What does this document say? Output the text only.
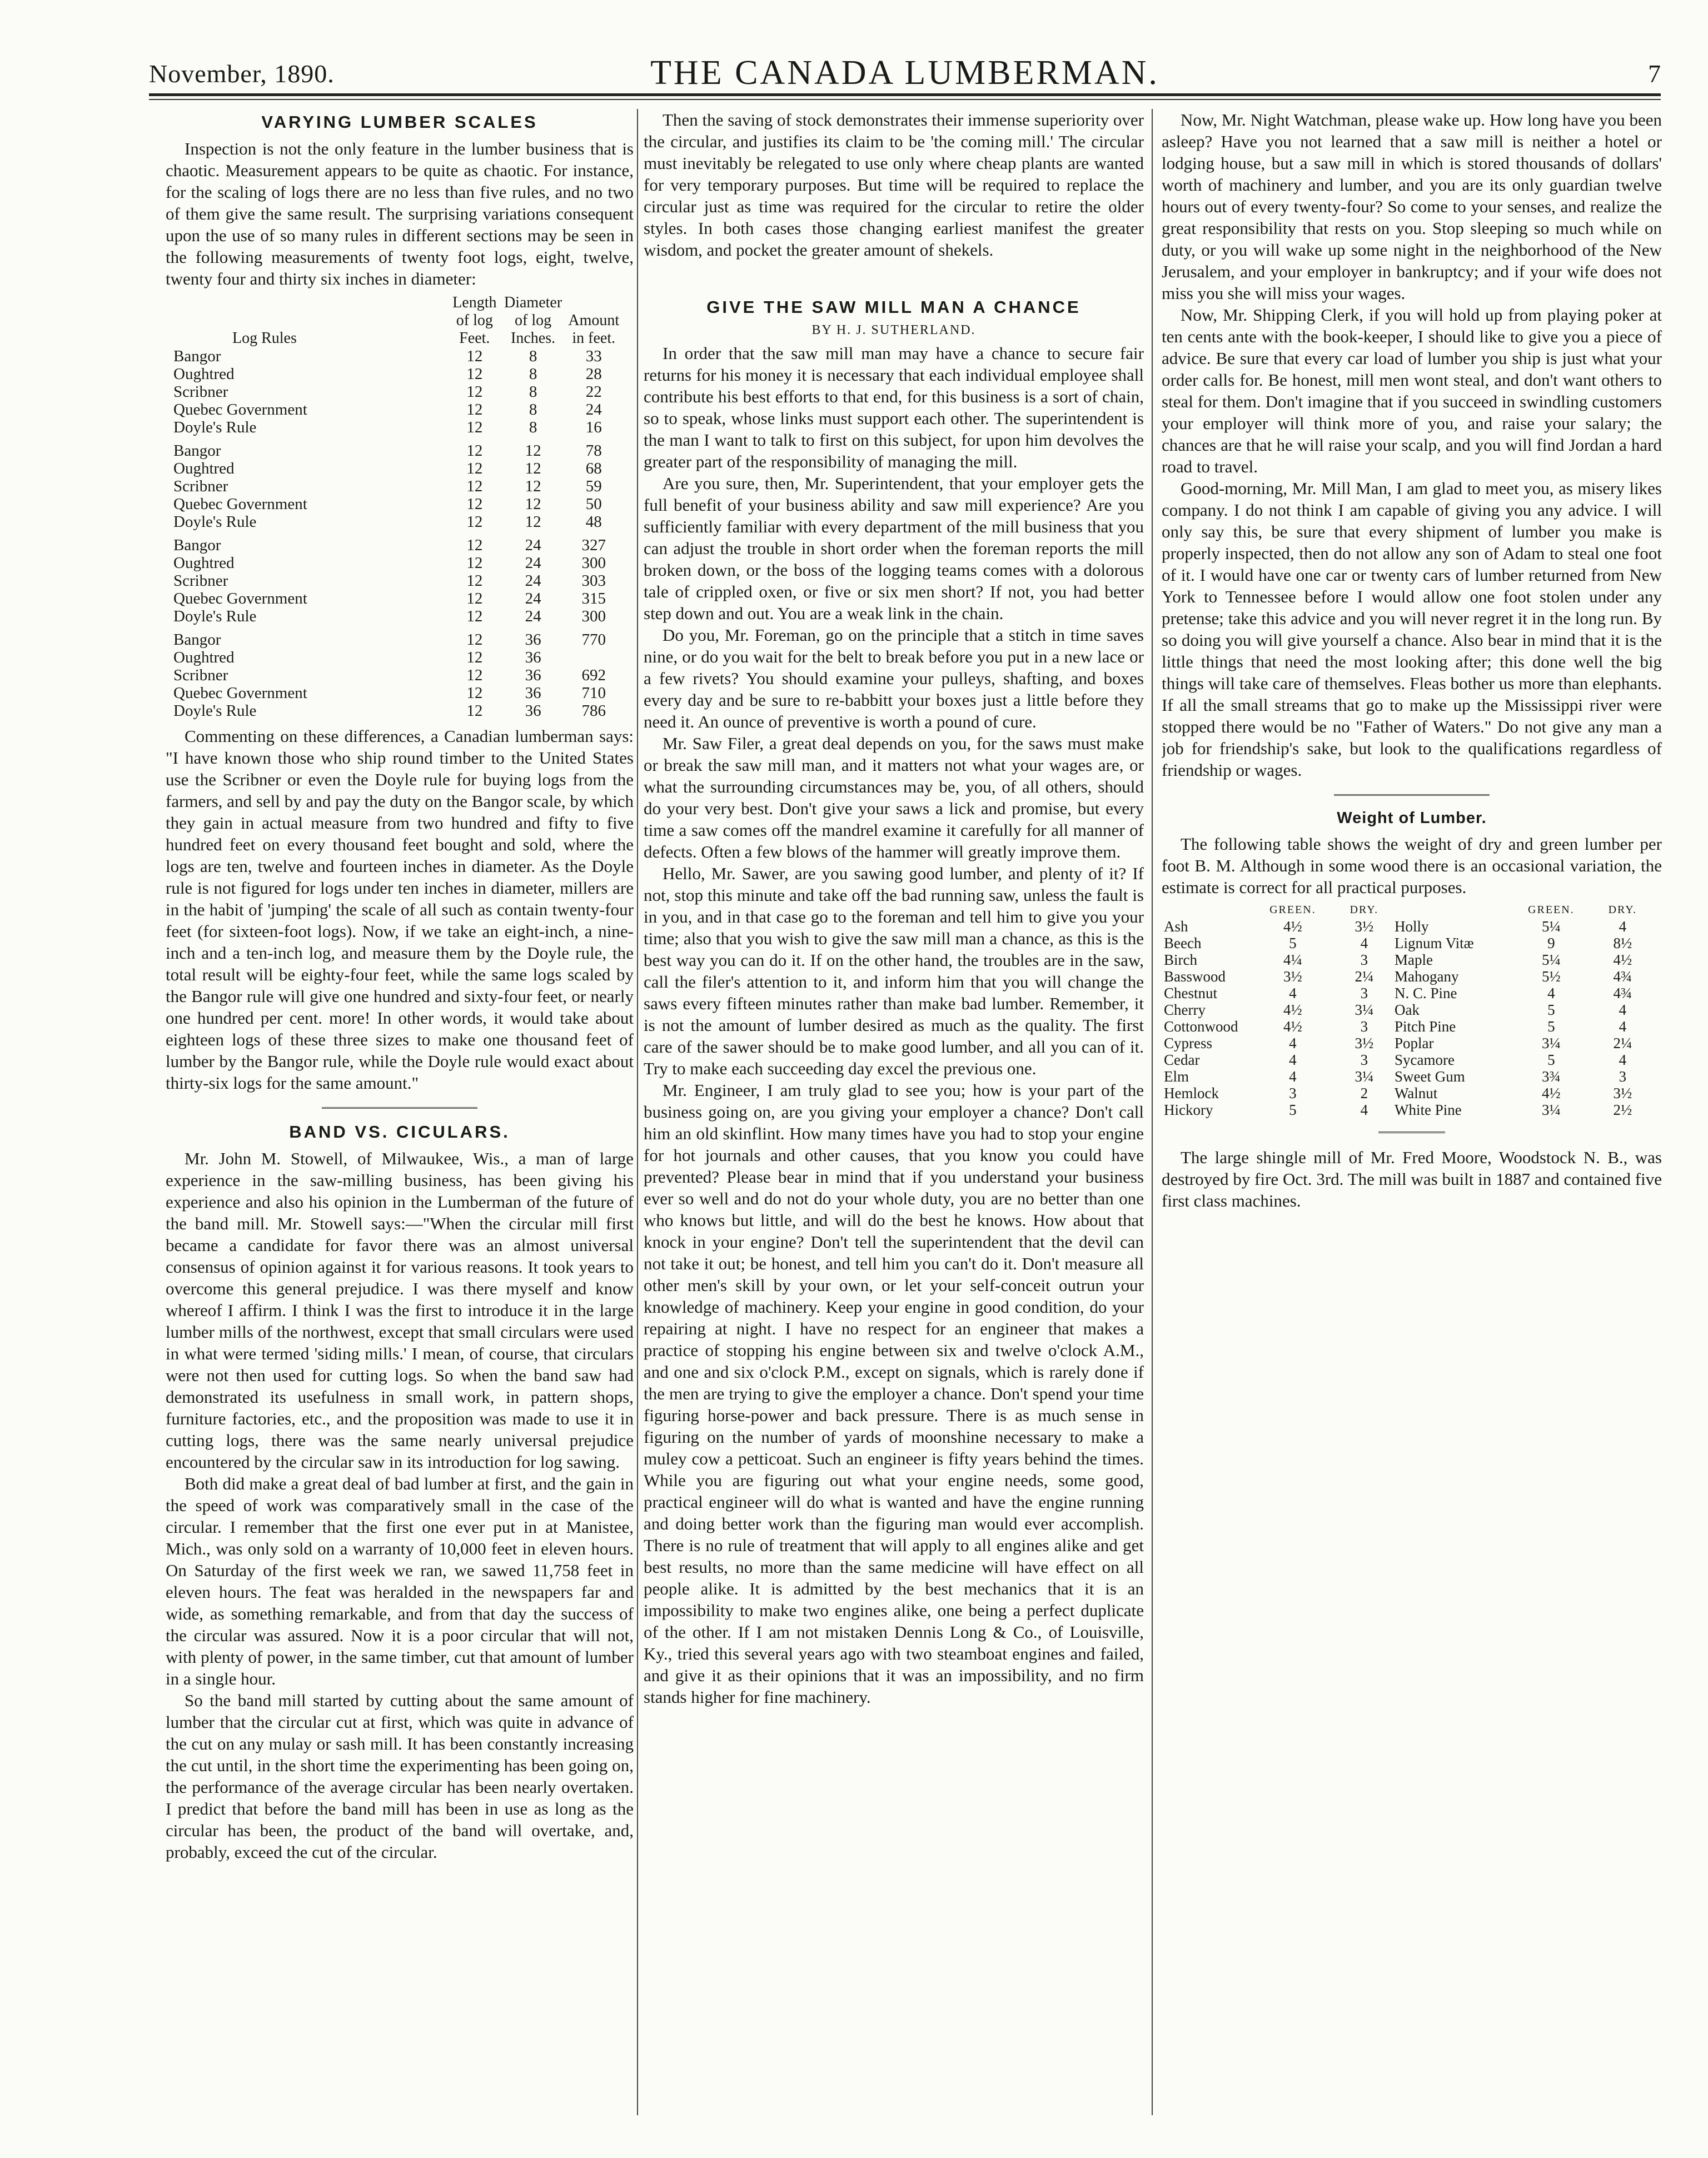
November, 1890.	THE CANADA LUMBERMAN.	7
VARYING LUMBER SCALES

Inspection is not the only feature in the lumber business that is chaotic. Measurement appears to be quite as chaotic. For instance, for the scaling of logs there are no less than five rules, and no two of them give the same result. The surprising variations consequent upon the use of so many rules in different sections may be seen in the following measurements of twenty foot logs, eight, twelve, twenty four and thirty six inches in diameter:

Log Rules	Length of log Feet.	Diameter of log Inches.	Amount in feet.
Bangor	12	8	33
Oughtred	12	8	28
Scribner	12	8	22
Quebec Government	12	8	24
Doyle's Rule	12	8	16
Bangor	12	12	78
Oughtred	12	12	68
Scribner	12	12	59
Quebec Government	12	12	50
Doyle's Rule	12	12	48
Bangor	12	24	327
Oughtred	12	24	300
Scribner	12	24	303
Quebec Government	12	24	315
Doyle's Rule	12	24	300
Bangor	12	36	770
Oughtred	12	36	
Scribner	12	36	692
Quebec Government	12	36	710
Doyle's Rule	12	36	786

Commenting on these differences, a Canadian lumberman says: "I have known those who ship round timber to the United States use the Scribner or even the Doyle rule for buying logs from the farmers, and sell by and pay the duty on the Bangor scale, by which they gain in actual measure from two hundred and fifty to five hundred feet on every thousand feet bought and sold, where the logs are ten, twelve and fourteen inches in diameter. As the Doyle rule is not figured for logs under ten inches in diameter, millers are in the habit of 'jumping' the scale of all such as contain twenty-four feet (for sixteen-foot logs). Now, if we take an eight-inch, a nine-inch and a ten-inch log, and measure them by the Doyle rule, the total result will be eighty-four feet, while the same logs scaled by the Bangor rule will give one hundred and sixty-four feet, or nearly one hundred per cent. more! In other words, it would take about eighteen logs of these three sizes to make one thousand feet of lumber by the Bangor rule, while the Doyle rule would exact about thirty-six logs for the same amount."

BAND VS. CICULARS.

Mr. John M. Stowell, of Milwaukee, Wis., a man of large experience in the saw-milling business, has been giving his experience and also his opinion in the Lumberman of the future of the band mill. Mr. Stowell says:—"When the circular mill first became a candidate for favor there was an almost universal consensus of opinion against it for various reasons. It took years to overcome this general prejudice. I was there myself and know whereof I affirm. I think I was the first to introduce it in the large lumber mills of the northwest, except that small circulars were used in what were termed 'siding mills.' I mean, of course, that circulars were not then used for cutting logs. So when the band saw had demonstrated its usefulness in small work, in pattern shops, furniture factories, etc., and the proposition was made to use it in cutting logs, there was the same nearly universal prejudice encountered by the circular saw in its introduction for log sawing.

Both did make a great deal of bad lumber at first, and the gain in the speed of work was comparatively small in the case of the circular. I remember that the first one ever put in at Manistee, Mich., was only sold on a warranty of 10,000 feet in eleven hours. On Saturday of the first week we ran, we sawed 11,758 feet in eleven hours. The feat was heralded in the newspapers far and wide, as something remarkable, and from that day the success of the circular was assured. Now it is a poor circular that will not, with plenty of power, in the same timber, cut that amount of lumber in a single hour.

So the band mill started by cutting about the same amount of lumber that the circular cut at first, which was quite in advance of the cut on any mulay or sash mill. It has been constantly increasing the cut until, in the short time the experimenting has been going on, the performance of the average circular has been nearly overtaken. I predict that before the band mill has been in use as long as the circular has been, the product of the band will overtake, and, probably, exceed the cut of the circular.

Then the saving of stock demonstrates their immense superiority over the circular, and justifies its claim to be 'the coming mill.' The circular must inevitably be relegated to use only where cheap plants are wanted for very temporary purposes. But time will be required to replace the circular just as time was required for the circular to retire the older styles. In both cases those changing earliest manifest the greater wisdom, and pocket the greater amount of shekels.

GIVE THE SAW MILL MAN A CHANCE
BY H. J. SUTHERLAND.

In order that the saw mill man may have a chance to secure fair returns for his money it is necessary that each individual employee shall contribute his best efforts to that end, for this business is a sort of chain, so to speak, whose links must support each other. The superintendent is the man I want to talk to first on this subject, for upon him devolves the greater part of the responsibility of managing the mill.

Are you sure, then, Mr. Superintendent, that your employer gets the full benefit of your business ability and saw mill experience? Are you sufficiently familiar with every department of the mill business that you can adjust the trouble in short order when the foreman reports the mill broken down, or the boss of the logging teams comes with a dolorous tale of crippled oxen, or five or six men short? If not, you had better step down and out. You are a weak link in the chain.

Do you, Mr. Foreman, go on the principle that a stitch in time saves nine, or do you wait for the belt to break before you put in a new lace or a few rivets? You should examine your pulleys, shafting, and boxes every day and be sure to re-babbitt your boxes just a little before they need it. An ounce of preventive is worth a pound of cure.

Mr. Saw Filer, a great deal depends on you, for the saws must make or break the saw mill man, and it matters not what your wages are, or what the surrounding circumstances may be, you, of all others, should do your very best. Don't give your saws a lick and promise, but every time a saw comes off the mandrel examine it carefully for all manner of defects. Often a few blows of the hammer will greatly improve them.

Hello, Mr. Sawer, are you sawing good lumber, and plenty of it? If not, stop this minute and take off the bad running saw, unless the fault is in you, and in that case go to the foreman and tell him to give you your time; also that you wish to give the saw mill man a chance, as this is the best way you can do it. If on the other hand, the troubles are in the saw, call the filer's attention to it, and inform him that you will change the saws every fifteen minutes rather than make bad lumber. Remember, it is not the amount of lumber desired as much as the quality. The first care of the sawer should be to make good lumber, and all you can of it. Try to make each succeeding day excel the previous one.

Mr. Engineer, I am truly glad to see you; how is your part of the business going on, are you giving your employer a chance? Don't call him an old skinflint. How many times have you had to stop your engine for hot journals and other causes, that you know you could have prevented? Please bear in mind that if you understand your business ever so well and do not do your whole duty, you are no better than one who knows but little, and will do the best he knows. How about that knock in your engine? Don't tell the superintendent that the devil can not take it out; be honest, and tell him you can't do it. Don't measure all other men's skill by your own, or let your self-conceit outrun your knowledge of machinery. Keep your engine in good condition, do your repairing at night. I have no respect for an engineer that makes a practice of stopping his engine between six and twelve o'clock A.M., and one and six o'clock P.M., except on signals, which is rarely done if the men are trying to give the employer a chance. Don't spend your time figuring horse-power and back pressure. There is as much sense in figuring on the number of yards of moonshine necessary to make a muley cow a petticoat. Such an engineer is fifty years behind the times. While you are figuring out what your engine needs, some good, practical engineer will do what is wanted and have the engine running and doing better work than the figuring man would ever accomplish. There is no rule of treatment that will apply to all engines alike and get best results, no more than the same medicine will have effect on all people alike. It is admitted by the best mechanics that it is an impossibility to make two engines alike, one being a perfect duplicate of the other. If I am not mistaken Dennis Long & Co., of Louisville, Ky., tried this several years ago with two steamboat engines and failed, and give it as their opinions that it was an impossibility, and no firm stands higher for fine machinery.

Now, Mr. Night Watchman, please wake up. How long have you been asleep? Have you not learned that a saw mill is neither a hotel or lodging house, but a saw mill in which is stored thousands of dollars' worth of machinery and lumber, and you are its only guardian twelve hours out of every twenty-four? So come to your senses, and realize the great responsibility that rests on you. Stop sleeping so much while on duty, or you will wake up some night in the neighborhood of the New Jerusalem, and your employer in bankruptcy; and if your wife does not miss you she will miss your wages.

Now, Mr. Shipping Clerk, if you will hold up from playing poker at ten cents ante with the book-keeper, I should like to give you a piece of advice. Be sure that every car load of lumber you ship is just what your order calls for. Be honest, mill men wont steal, and don't want others to steal for them. Don't imagine that if you succeed in swindling customers your employer will think more of you, and raise your salary; the chances are that he will raise your scalp, and you will find Jordan a hard road to travel.

Good-morning, Mr. Mill Man, I am glad to meet you, as misery likes company. I do not think I am capable of giving you any advice. I will only say this, be sure that every shipment of lumber you make is properly inspected, then do not allow any son of Adam to steal one foot of it. I would have one car or twenty cars of lumber returned from New York to Tennessee before I would allow one foot stolen under any pretense; take this advice and you will never regret it in the long run. By so doing you will give yourself a chance. Also bear in mind that it is the little things that need the most looking after; this done well the big things will take care of themselves. Fleas bother us more than elephants. If all the small streams that go to make up the Mississippi river were stopped there would be no "Father of Waters." Do not give any man a job for friendship's sake, but look to the qualifications regardless of friendship or wages.

Weight of Lumber.

The following table shows the weight of dry and green lumber per foot B. M. Although in some wood there is an occasional variation, the estimate is correct for all practical purposes.

	GREEN.	DRY.		GREEN.	DRY.
Ash	4½	3½	Holly	5¼	4
Beech	5	4	Lignum Vitæ	9	8½
Birch	4¼	3	Maple	5¼	4½
Basswood	3½	2¼	Mahogany	5½	4¾
Chestnut	4	3	N. C. Pine	4	4¾
Cherry	4½	3¼	Oak	5	4
Cottonwood	4½	3	Pitch Pine	5	4
Cypress	4	3½	Poplar	3¼	2¼
Cedar	4	3	Sycamore	5	4
Elm	4	3¼	Sweet Gum	3¾	3
Hemlock	3	2	Walnut	4½	3½
Hickory	5	4	White Pine	3¼	2½

The large shingle mill of Mr. Fred Moore, Woodstock N. B., was destroyed by fire Oct. 3rd. The mill was built in 1887 and contained five first class machines.
